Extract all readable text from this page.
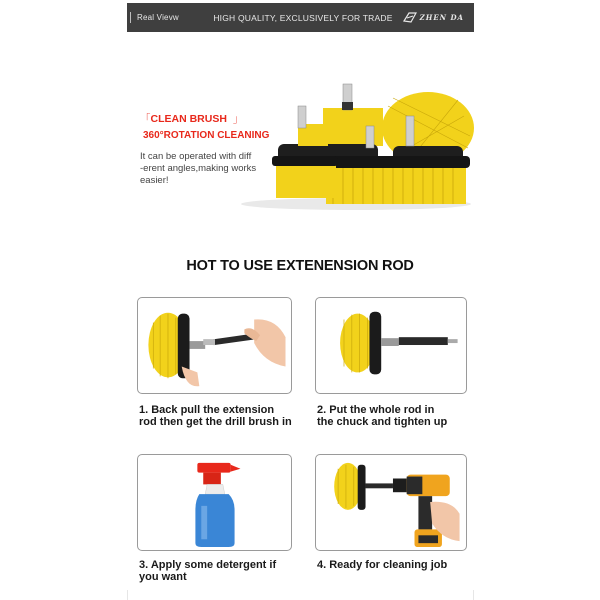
Real Vievw	HIGH QUALITY, EXCLUSIVELY FOR TRADE	ZHEN DA
「CLEAN BRUSH 」
360°ROTATION CLEANING
It can be operated with diff
-erent angles,making works
easier!
HOT TO USE EXTENENSION ROD
1. Back pull the extension
rod then get the drill brush in
2. Put the whole rod in
the chuck and tighten up
3. Apply some detergent if
you want
4. Ready for cleaning job
